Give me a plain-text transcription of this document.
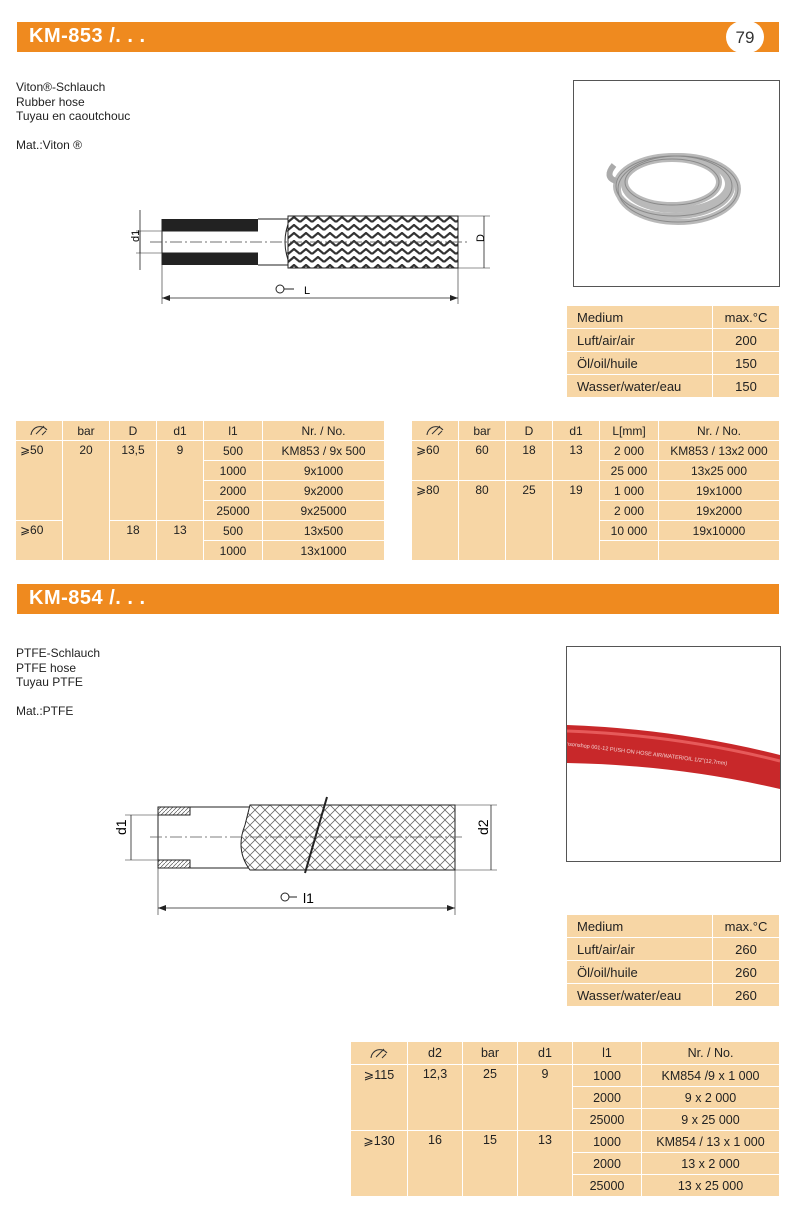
KM-853 /. . .	79
Viton®-Schlauch
Rubber hose
Tuyau en caoutchouc
Mat.:Viton ®
d1	D
L
Medium	max.°C
Luft/air/air	200
Öl/oil/huile	150
Wasser/water/eau	150
	bar	D	d1	l1	Nr. / No.
⩾50	20	13,5	9	500	KM853 / 9x 500
				1000	9x1000
				2000	9x2000
				25000	9x25000
⩾60		18	13	500	13x500
				1000	13x1000
	bar	D	d1	L[mm]	Nr. / No.
⩾60	60	18	13	2 000	KM853 / 13x2 000
				25 000	13x25 000
⩾80	80	25	19	1 000	19x1000
				2 000	19x2000
				10 000	19x10000

KM-854 /. . .
PTFE-Schlauch
PTFE hose
Tuyau PTFE
Mat.:PTFE
d1	d2
l1
dickinsonshop 001-12 PUSH ON HOSE AIR/WATER/OIL 1/2"(12,7mm)
Medium	max.°C
Luft/air/air	260
Öl/oil/huile	260
Wasser/water/eau	260
	d2	bar	d1	l1	Nr. / No.
⩾115	12,3	25	9	1000	KM854 /9 x 1 000
				2000	9 x 2 000
				25000	9 x 25 000
⩾130	16	15	13	1000	KM854 / 13 x 1 000
				2000	13 x 2 000
				25000	13 x 25 000
